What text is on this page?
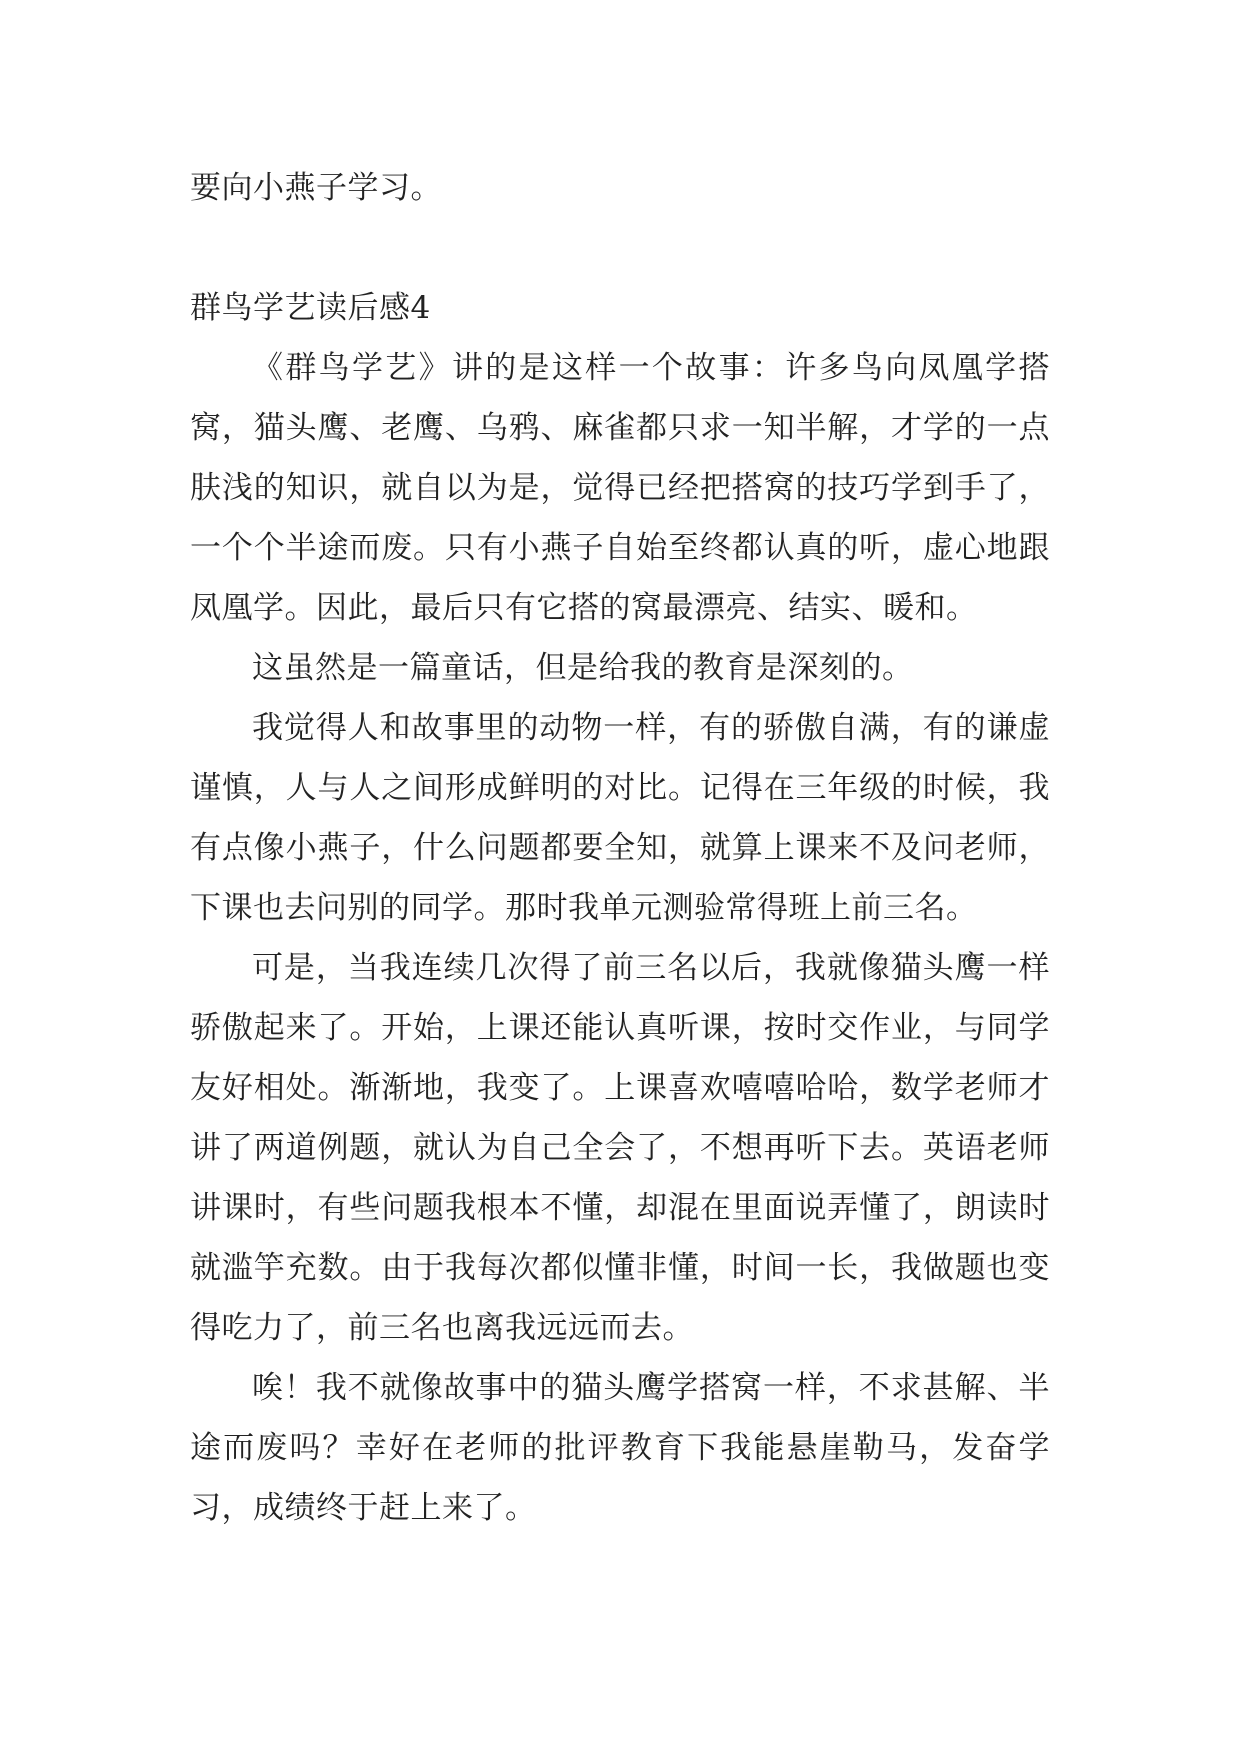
要向小燕子学习。
群鸟学艺读后感4

《群鸟学艺》讲的是这样一个故事：许多鸟向凤凰学搭窝，猫头鹰、老鹰、乌鸦、麻雀都只求一知半解，才学的一点肤浅的知识，就自以为是，觉得已经把搭窝的技巧学到手了，一个个半途而废。只有小燕子自始至终都认真的听，虚心地跟凤凰学。因此，最后只有它搭的窝最漂亮、结实、暖和。

这虽然是一篇童话，但是给我的教育是深刻的。

我觉得人和故事里的动物一样，有的骄傲自满，有的谦虚谨慎，人与人之间形成鲜明的对比。记得在三年级的时候，我有点像小燕子，什么问题都要全知，就算上课来不及问老师，下课也去问别的同学。那时我单元测验常得班上前三名。

可是，当我连续几次得了前三名以后，我就像猫头鹰一样骄傲起来了。开始，上课还能认真听课，按时交作业，与同学友好相处。渐渐地，我变了。上课喜欢嘻嘻哈哈，数学老师才讲了两道例题，就认为自己全会了，不想再听下去。英语老师讲课时，有些问题我根本不懂，却混在里面说弄懂了，朗读时就滥竽充数。由于我每次都似懂非懂，时间一长，我做题也变得吃力了，前三名也离我远远而去。

唉！我不就像故事中的猫头鹰学搭窝一样，不求甚解、半途而废吗？幸好在老师的批评教育下我能悬崖勒马，发奋学习，成绩终于赶上来了。
